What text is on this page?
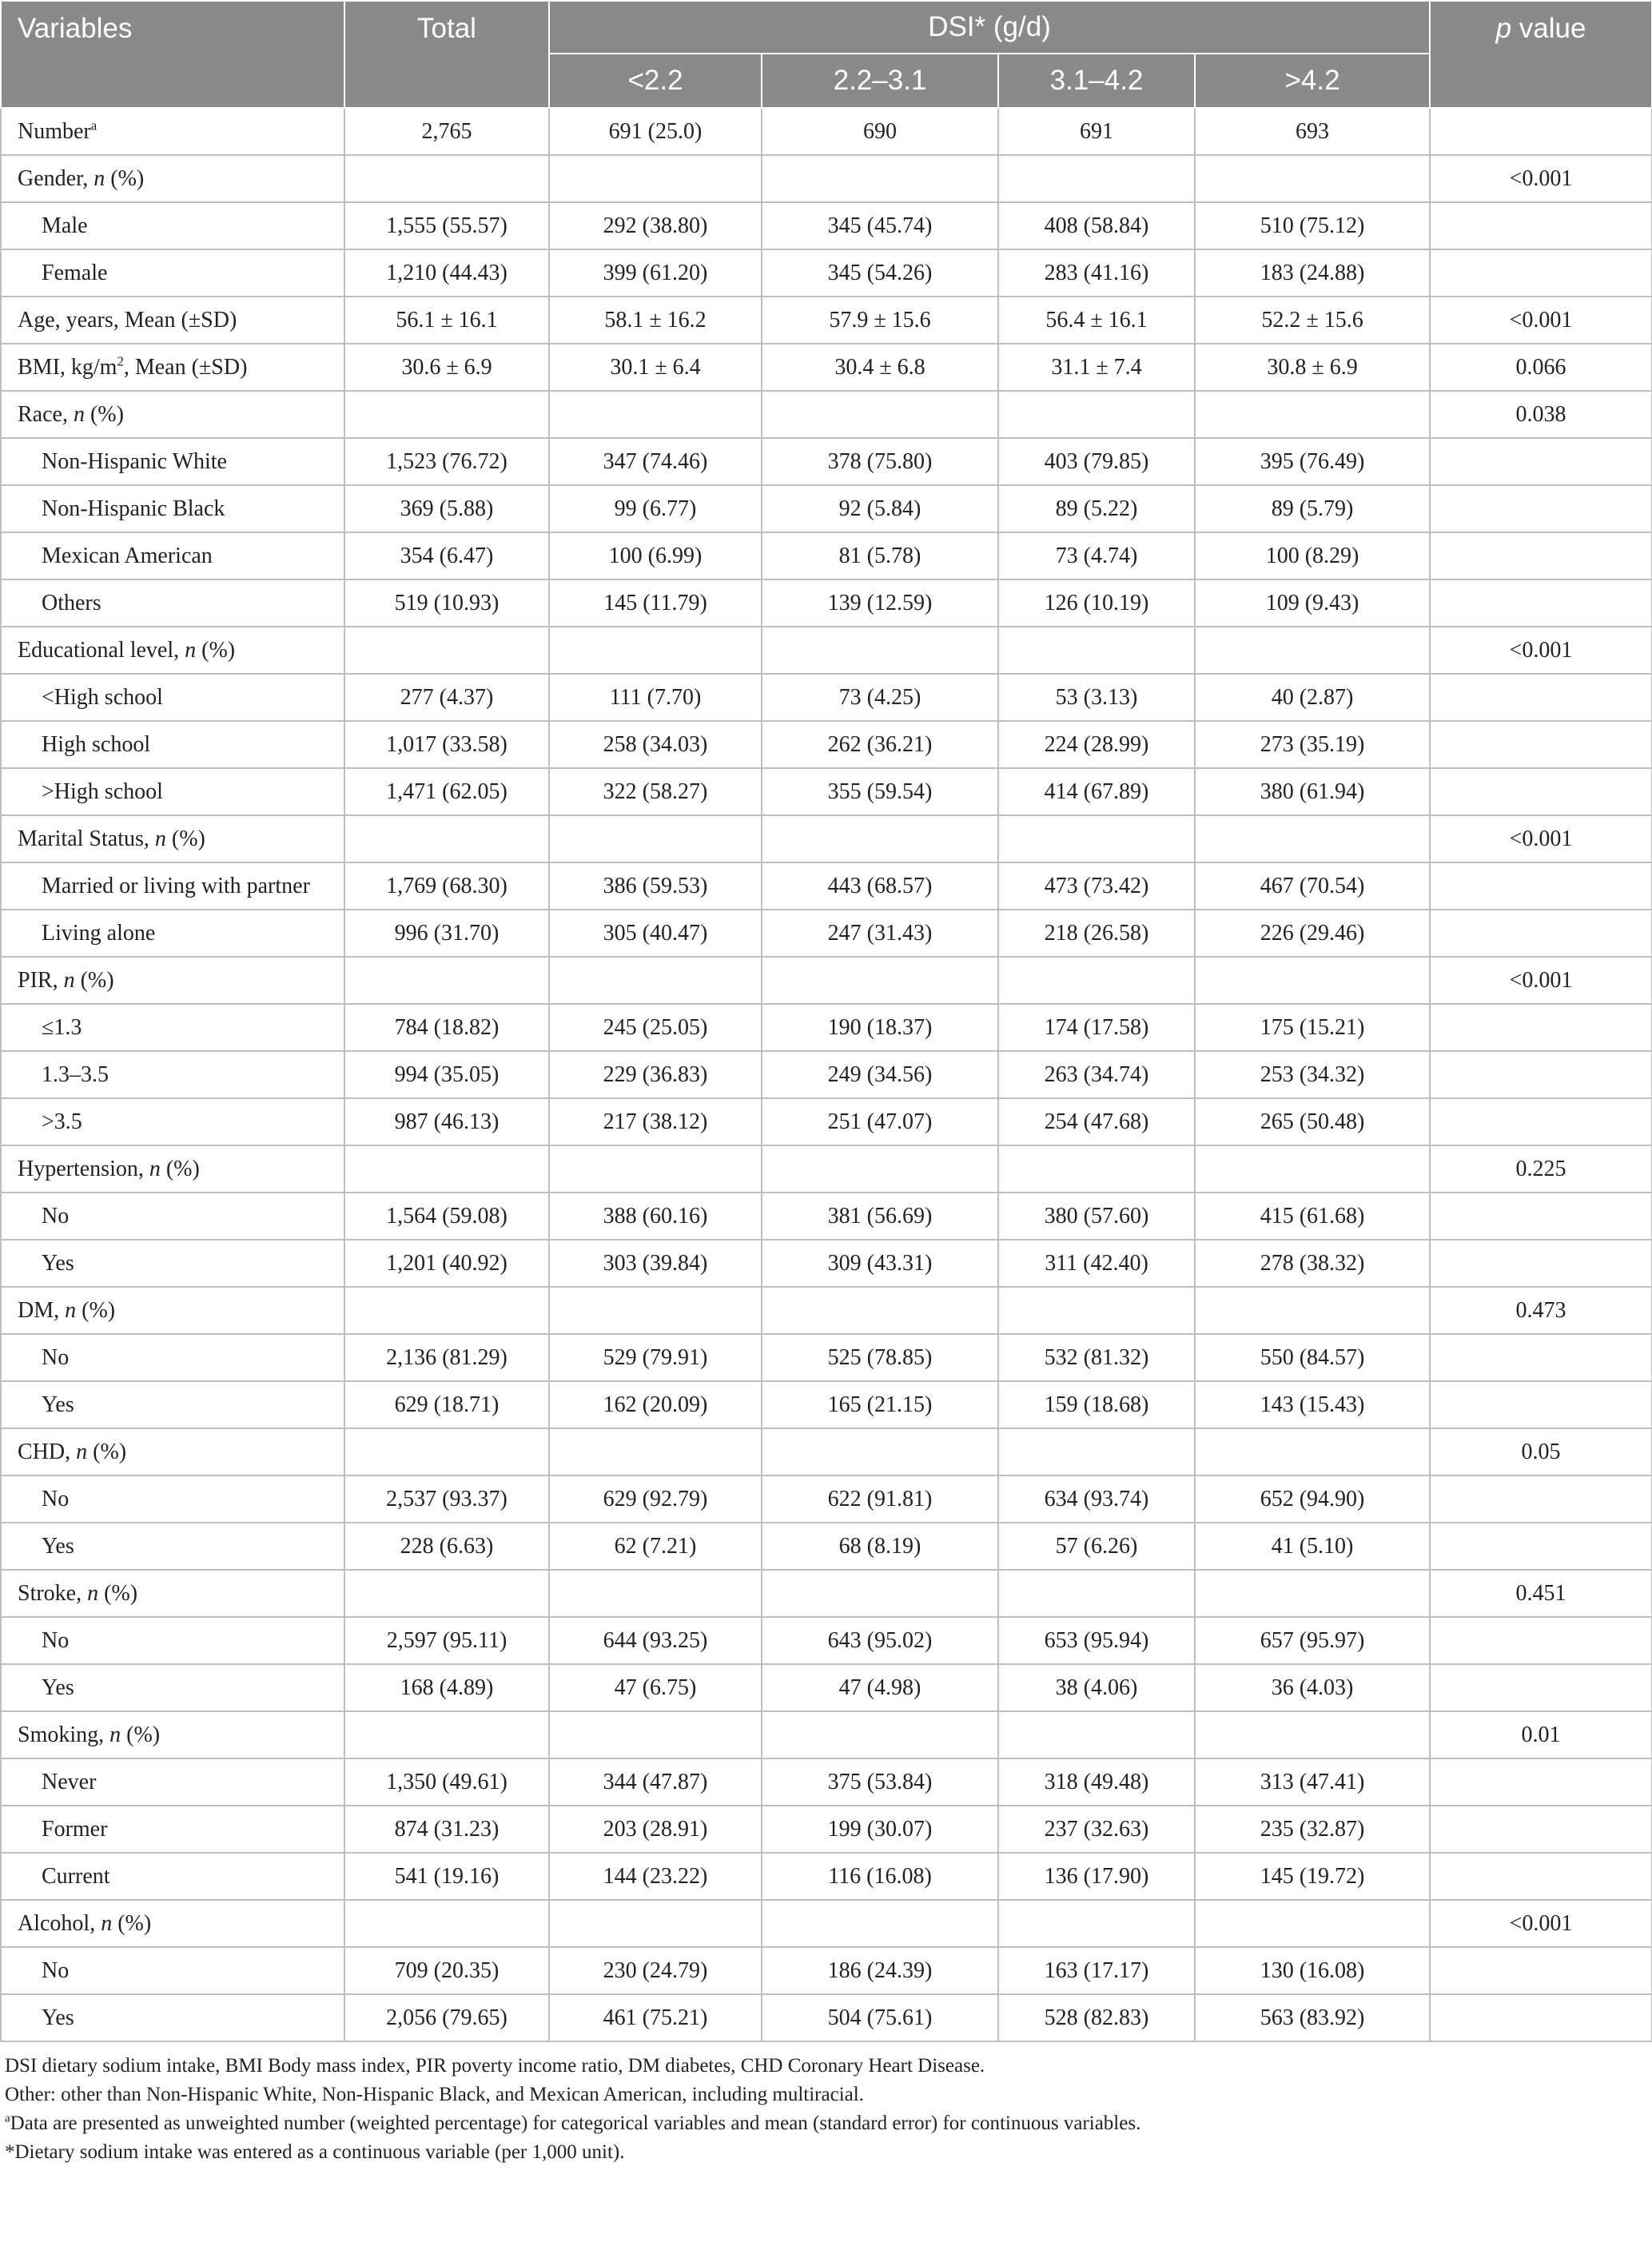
Variables	Total	DSI* (g/d)				p value
		<2.2	2.2–3.1	3.1–4.2	>4.2	
Number$^a$	2,765	691 (25.0)	690	691	693	
Gender, n (%)						<0.001
Male	1,555 (55.57)	292 (38.80)	345 (45.74)	408 (58.84)	510 (75.12)	
Female	1,210 (44.43)	399 (61.20)	345 (54.26)	283 (41.16)	183 (24.88)	
Age, years, Mean (±SD)	56.1 ± 16.1	58.1 ± 16.2	57.9 ± 15.6	56.4 ± 16.1	52.2 ± 15.6	<0.001
BMI, $kg/m^2$, Mean (±SD)	30.6 ± 6.9	30.1 ± 6.4	30.4 ± 6.8	31.1 ± 7.4	30.8 ± 6.9	0.066
Race, n (%)						0.038
Non-Hispanic White	1,523 (76.72)	347 (74.46)	378 (75.80)	403 (79.85)	395 (76.49)	
Non-Hispanic Black	369 (5.88)	99 (6.77)	92 (5.84)	89 (5.22)	89 (5.79)	
Mexican American	354 (6.47)	100 (6.99)	81 (5.78)	73 (4.74)	100 (8.29)	
Others	519 (10.93)	145 (11.79)	139 (12.59)	126 (10.19)	109 (9.43)	
Educational level, n (%)						<0.001
<High school	277 (4.37)	111 (7.70)	73 (4.25)	53 (3.13)	40 (2.87)	
High school	1,017 (33.58)	258 (34.03)	262 (36.21)	224 (28.99)	273 (35.19)	
>High school	1,471 (62.05)	322 (58.27)	355 (59.54)	414 (67.89)	380 (61.94)	
Marital Status, n (%)						<0.001
Married or living with partner	1,769 (68.30)	386 (59.53)	443 (68.57)	473 (73.42)	467 (70.54)	
Living alone	996 (31.70)	305 (40.47)	247 (31.43)	218 (26.58)	226 (29.46)	
PIR, n (%)						<0.001
≤1.3	784 (18.82)	245 (25.05)	190 (18.37)	174 (17.58)	175 (15.21)	
1.3–3.5	994 (35.05)	229 (36.83)	249 (34.56)	263 (34.74)	253 (34.32)	
>3.5	987 (46.13)	217 (38.12)	251 (47.07)	254 (47.68)	265 (50.48)	
Hypertension, n (%)						0.225
No	1,564 (59.08)	388 (60.16)	381 (56.69)	380 (57.60)	415 (61.68)	
Yes	1,201 (40.92)	303 (39.84)	309 (43.31)	311 (42.40)	278 (38.32)	
DM, n (%)						0.473
No	2,136 (81.29)	529 (79.91)	525 (78.85)	532 (81.32)	550 (84.57)	
Yes	629 (18.71)	162 (20.09)	165 (21.15)	159 (18.68)	143 (15.43)	
CHD, n (%)						0.05
No	2,537 (93.37)	629 (92.79)	622 (91.81)	634 (93.74)	652 (94.90)	
Yes	228 (6.63)	62 (7.21)	68 (8.19)	57 (6.26)	41 (5.10)	
Stroke, n (%)						0.451
No	2,597 (95.11)	644 (93.25)	643 (95.02)	653 (95.94)	657 (95.97)	
Yes	168 (4.89)	47 (6.75)	47 (4.98)	38 (4.06)	36 (4.03)	
Smoking, n (%)						0.01
Never	1,350 (49.61)	344 (47.87)	375 (53.84)	318 (49.48)	313 (47.41)	
Former	874 (31.23)	203 (28.91)	199 (30.07)	237 (32.63)	235 (32.87)	
Current	541 (19.16)	144 (23.22)	116 (16.08)	136 (17.90)	145 (19.72)	
Alcohol, n (%)						<0.001
No	709 (20.35)	230 (24.79)	186 (24.39)	163 (17.17)	130 (16.08)	
Yes	2,056 (79.65)	461 (75.21)	504 (75.61)	528 (82.83)	563 (83.92)	
DSI dietary sodium intake, BMI Body mass index, PIR poverty income ratio, DM diabetes, CHD Coronary Heart Disease.
Other: other than Non-Hispanic White, Non-Hispanic Black, and Mexican American, including multiracial.
$^a$Data are presented as unweighted number (weighted percentage) for categorical variables and mean (standard error) for continuous variables.
*Dietary sodium intake was entered as a continuous variable (per 1,000 unit).
